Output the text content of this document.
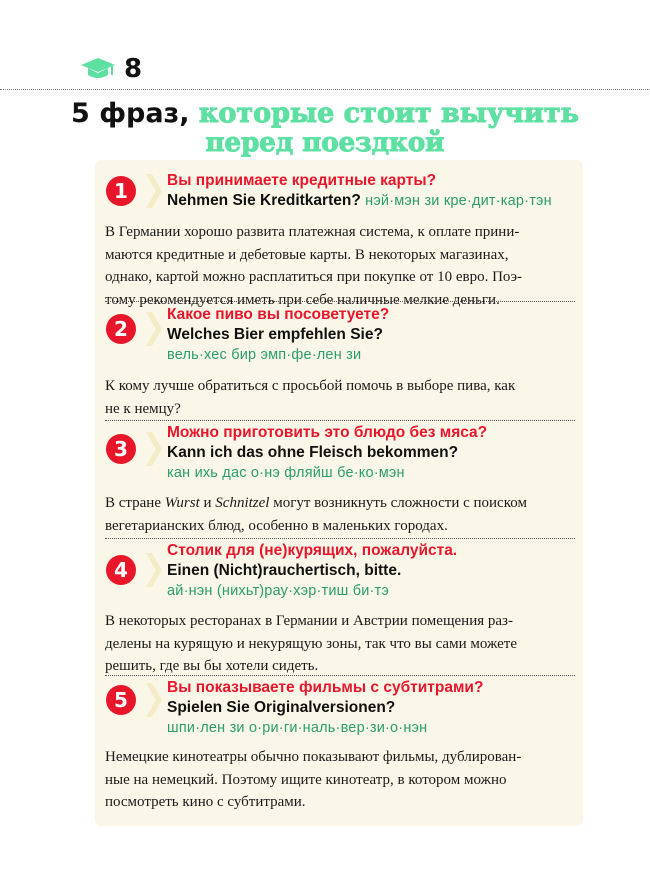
8
5 фраз, которые стоит выучить
перед поездкой
1	Вы принимаете кредитные карты?
Nehmen Sie Kreditkarten? нэй·мэн зи кре·дит·кар·тэн
В Германии хорошо развита платежная система, к оплате прини-
маются кредитные и дебетовые карты. В некоторых магазинах,
однако, картой можно расплатиться при покупке от 10 евро. Поэ-
тому рекомендуется иметь при себе наличные мелкие деньги.
2
Какое пиво вы посоветуете?
Welches Bier empfehlen Sie?
вель·хес бир эмп·фе·лен зи
К кому лучше обратиться с просьбой помочь в выборе пива, как
не к немцу?
3
Можно приготовить это блюдо без мяса?
Kann ich das ohne Fleisch bekommen?
кан ихь дас о·нэ фляйш бе·ко·мэн
В стране Wurst и Schnitzel могут возникнуть сложности с поиском
вегетарианских блюд, особенно в маленьких городах.
4
Столик для (не)курящих, пожалуйста.
Einen (Nicht)rauchertisch, bitte.
ай·нэн (нихьт)рау·хэр·тиш би·тэ
В некоторых ресторанах в Германии и Австрии помещения раз-
делены на курящую и некурящую зоны, так что вы сами можете
решить, где вы бы хотели сидеть.
5
Вы показываете фильмы с субтитрами?
Spielen Sie Originalversionen?
шпи·лен зи о·ри·ги·наль·вер·зи·о·нэн
Немецкие кинотеатры обычно показывают фильмы, дублирован-
ные на немецкий. Поэтому ищите кинотеатр, в котором можно
посмотреть кино с субтитрами.
